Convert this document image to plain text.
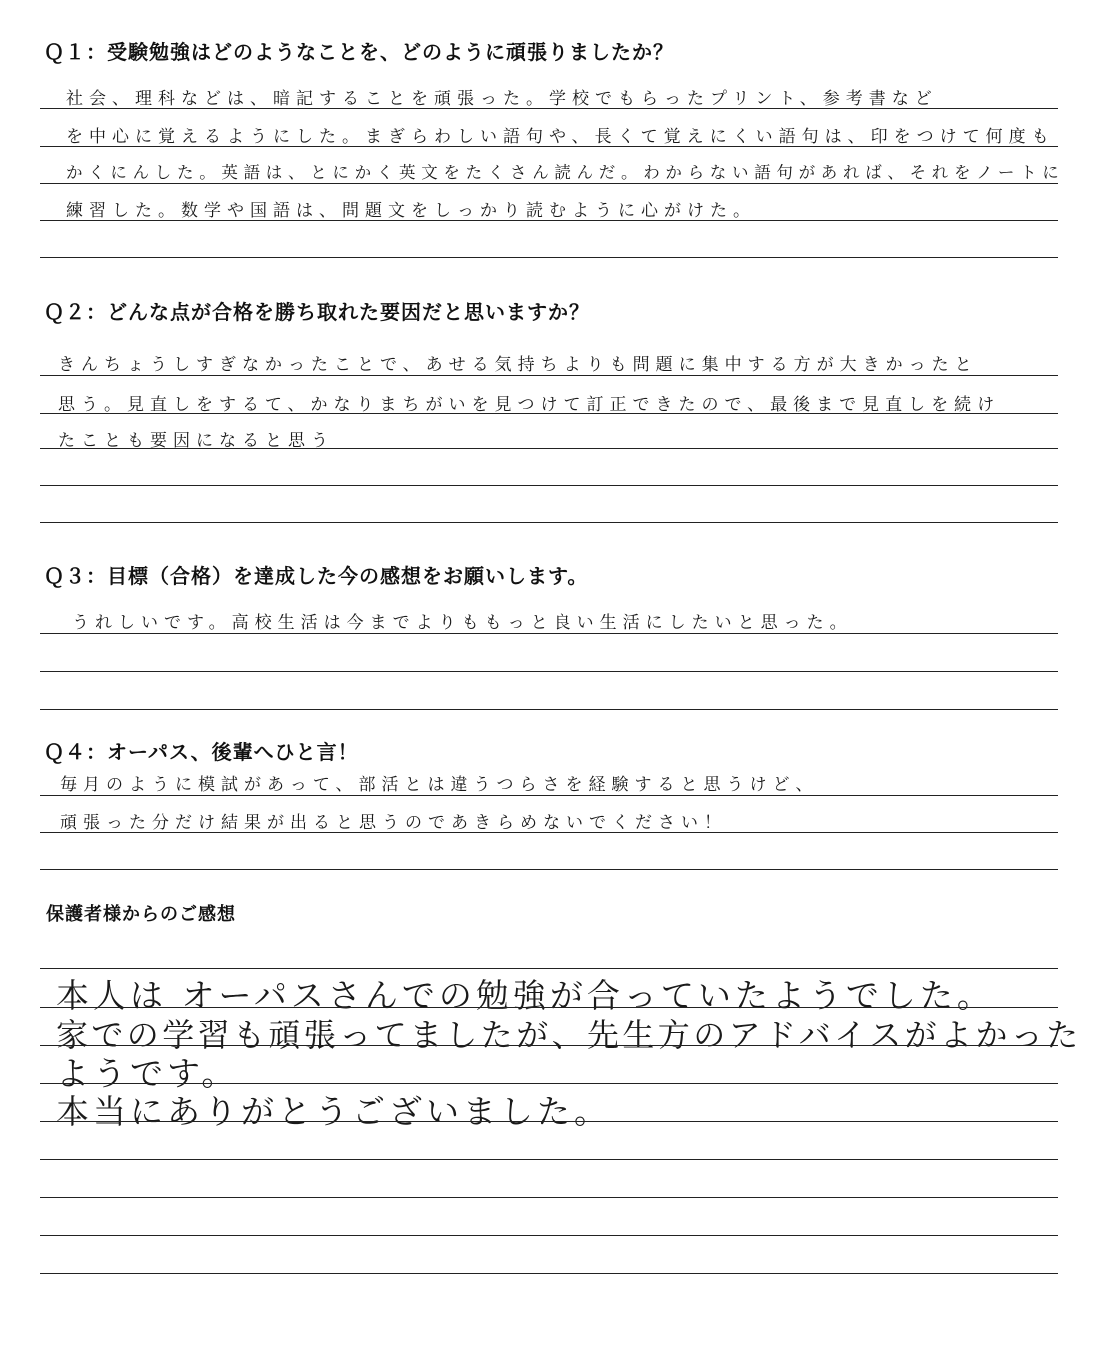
Ｑ１：受験勉強はどのようなことを、どのように頑張りましたか？
社会、理科などは、暗記することを頑張った。学校でもらったプリント、参考書など
を中心に覚えるようにした。まぎらわしい語句や、長くて覚えにくい語句は、印をつけて何度も
かくにんした。英語は、とにかく英文をたくさん読んだ。わからない語句があれば、それをノートに
練習した。数学や国語は、問題文をしっかり読むように心がけた。
Ｑ２：どんな点が合格を勝ち取れた要因だと思いますか？
きんちょうしすぎなかったことで、あせる気持ちよりも問題に集中する方が大きかったと
思う。見直しをするて、かなりまちがいを見つけて訂正できたので、最後まで見直しを続け
たことも要因になると思う
Ｑ３：目標（合格）を達成した今の感想をお願いします。
うれしいです。高校生活は今までよりももっと良い生活にしたいと思った。
Ｑ４：オーパス、後輩へひと言！
毎月のように模試があって、部活とは違うつらさを経験すると思うけど、
頑張った分だけ結果が出ると思うのであきらめないでください！
保護者様からのご感想
本人は オーパスさんでの勉強が合っていたようでした。
家での学習も頑張ってましたが、先生方のアドバイスがよかった
ようです。
本当にありがとうございました。
